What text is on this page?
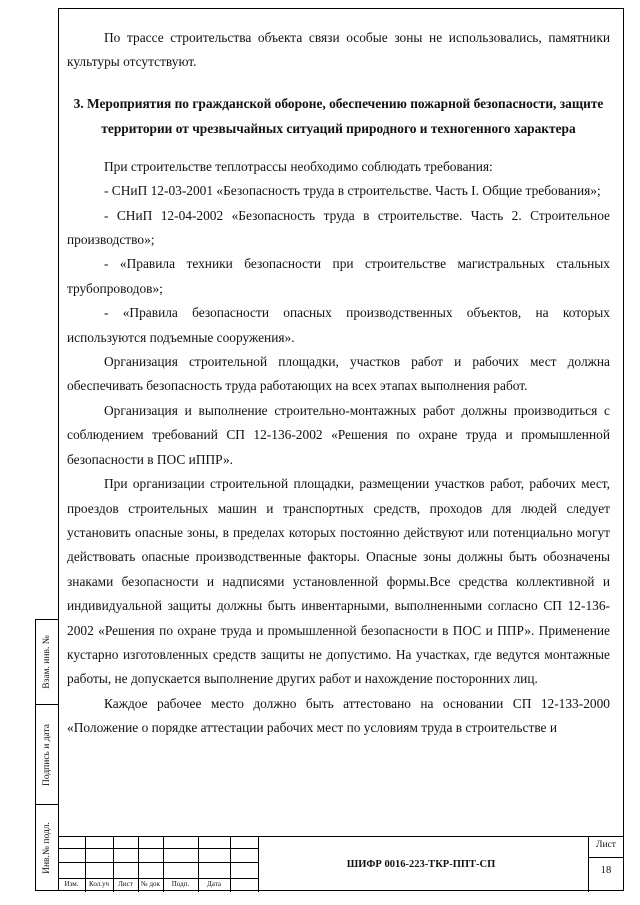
По трассе строительства объекта связи особые зоны не использовались, памятники культуры отсутствуют.

3. Мероприятия по гражданской обороне, обеспечению пожарной безопасности, защите территории от чрезвычайных ситуаций природного и техногенного характера

При строительстве теплотрассы необходимо соблюдать требования:

- СНиП 12-03-2001 «Безопасность труда в строительстве. Часть I. Общие требования»;

- СНиП 12-04-2002 «Безопасность труда в строительстве. Часть 2. Строительное производство»;

- «Правила техники безопасности при строительстве магистральных стальных трубопроводов»;

- «Правила безопасности опасных производственных объектов, на которых используются подъемные сооружения».

Организация строительной площадки, участков работ и рабочих мест должна обеспечивать безопасность труда работающих на всех этапах выполнения работ.

Организация и выполнение строительно-монтажных работ должны производиться с соблюдением требований СП 12-136-2002 «Решения по охране труда и промышленной безопасности в ПОС иППР».

При организации строительной площадки, размещении участков работ, рабочих мест, проездов строительных машин и транспортных средств, проходов для людей следует установить опасные зоны, в пределах которых постоянно действуют или потенциально могут действовать опасные производственные факторы. Опасные зоны должны быть обозначены знаками безопасности и надписями установленной формы.Все средства коллективной и индивидуальной защиты должны быть инвентарными, выполненными согласно СП 12-136-2002 «Решения по охране труда и промышленной безопасности в ПОС и ППР». Применение кустарно изготовленных средств защиты не допустимо. На участках, где ведутся монтажные работы, не допускается выполнение других работ и нахождение посторонних лиц.

Каждое рабочее место должно быть аттестовано на основании СП 12-133-2000 «Положение о порядке аттестации рабочих мест по условиям труда в строительстве и

Взам. инв. №
Подпись и дата
Инв.№ подл.
Изм.	Кол.уч	Лист	№ док	Подп.	Дата
ШИФР 0016-223-ТКР-ППТ-СП
Лист
18
